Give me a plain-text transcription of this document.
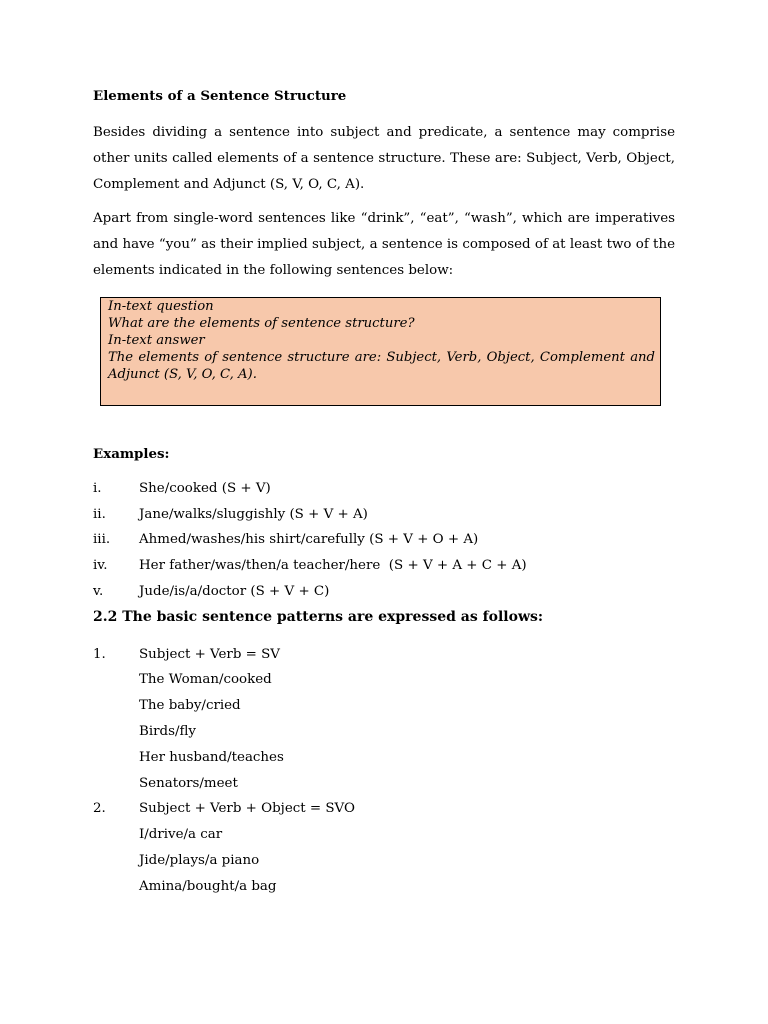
Elements of a Sentence Structure

Besides dividing a sentence into subject and predicate, a sentence may comprise other units called elements of a sentence structure. These are: Subject, Verb, Object, Complement and Adjunct (S, V, O, C, A).

Apart from single-word sentences like “drink”, “eat”, “wash”, which are imperatives and have “you” as their implied subject, a sentence is composed of at least two of the elements indicated in the following sentences below:

In-text question
What are the elements of sentence structure?
In-text answer
The elements of sentence structure are: Subject, Verb, Object, Complement and Adjunct (S, V, O, C, A).
Examples:
i.	She/cooked (S + V)
ii.	Jane/walks/sluggishly (S + V + A)
iii.	Ahmed/washes/his shirt/carefully (S + V + O + A)
iv.	Her father/was/then/a teacher/here  (S + V + A + C + A)
v.	Jude/is/a/doctor (S + V + C)
2.2 The basic sentence patterns are expressed as follows:
1.	Subject + Verb = SV
The Woman/cooked
The baby/cried
Birds/fly
Her husband/teaches
Senators/meet
2.	Subject + Verb + Object = SVO
I/drive/a car
Jide/plays/a piano
Amina/bought/a bag
